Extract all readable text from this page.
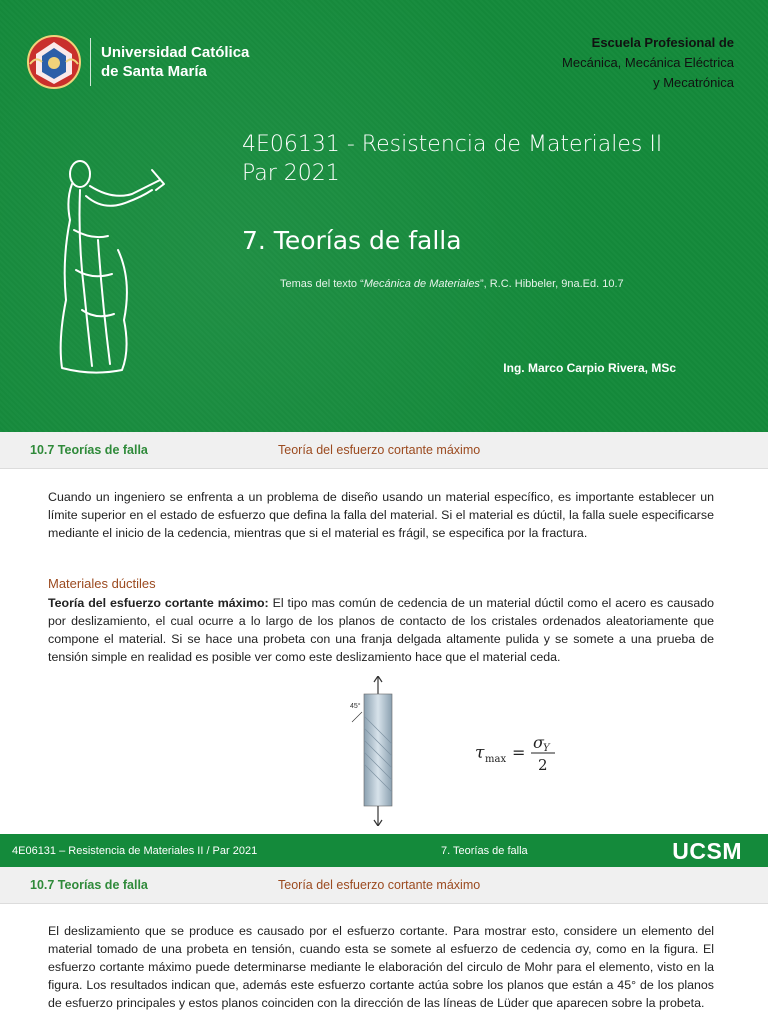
Universidad Católica
de Santa María
Escuela Profesional de
Mecánica, Mecánica Eléctrica
y Mecatrónica
4E06131 - Resistencia de Materiales II
Par 2021
7. Teorías de falla
Temas del texto “Mecánica de Materiales”, R.C. Hibbeler, 9na.Ed. 10.7
Ing. Marco Carpio Rivera, MSc
10.7 Teorías de falla	Teoría del esfuerzo cortante máximo

Cuando un ingeniero se enfrenta a un problema de diseño usando un material específico, es importante establecer un límite superior en el estado de esfuerzo que defina la falla del material. Si el material es dúctil, la falla suele especificarse mediante el inicio de la cedencia, mientras que si el material es frágil, se especifica por la fractura.

Materiales dúctiles

Teoría del esfuerzo cortante máximo: El tipo mas común de cedencia de un material dúctil como el acero es causado por deslizamiento, el cual ocurre a lo largo de los planos de contacto de los cristales ordenados aleatoriamente que compone el material. Si se hace una probeta con una franja delgada altamente pulida y se somete a una prueba de tensión simple en realidad es posible ver como este deslizamiento hace que el material ceda.

45°
τ max =
σ Y
2
4E06131 – Resistencia de Materiales II / Par 2021	7. Teorías de falla	UCSM
10.7 Teorías de falla	Teoría del esfuerzo cortante máximo

El deslizamiento que se produce es causado por el esfuerzo cortante. Para mostrar esto, considere un elemento del material tomado de una probeta en tensión, cuando esta se somete al esfuerzo de cedencia σy, como en la figura. El esfuerzo cortante máximo puede determinarse mediante le elaboración del circulo de Mohr para el elemento, visto en la figura. Los resultados indican que, además este esfuerzo cortante actúa sobre los planos que están a 45° de los planos de esfuerzo principales y estos planos coinciden con la dirección de las líneas de Lüder que aparecen sobre la probeta.
